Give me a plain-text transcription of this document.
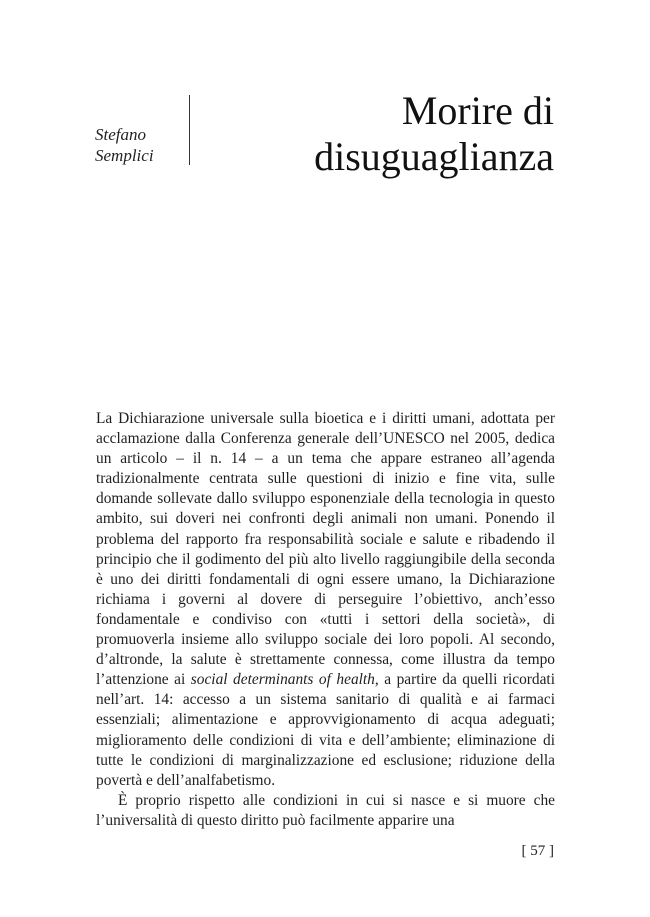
Stefano
Semplici
Morire di
disuguaglianza

La Dichiarazione universale sulla bioetica e i diritti umani, adottata per acclamazione dalla Conferenza generale dell’UNESCO nel 2005, dedica un articolo – il n. 14 – a un tema che appare estraneo all’agenda tradizionalmente centrata sulle questioni di inizio e fine vita, sulle domande sollevate dallo sviluppo esponenziale della tecnologia in questo ambito, sui doveri nei confronti degli animali non umani. Ponendo il problema del rapporto fra responsabilità sociale e salute e ribadendo il principio che il godimento del più alto livello raggiungibile della seconda è uno dei diritti fondamentali di ogni essere umano, la Dichiarazione richiama i governi al dovere di perseguire l’obiettivo, anch’esso fondamentale e condiviso con «tutti i settori della società», di promuoverla insieme allo sviluppo sociale dei loro popoli. Al secondo, d’altronde, la salute è strettamente connessa, come illustra da tempo l’attenzione ai social determinants of health, a partire da quelli ricordati nell’art. 14: accesso a un sistema sanitario di qualità e ai farmaci essenziali; alimentazione e approvvigionamento di acqua adeguati; miglioramento delle condizioni di vita e dell’ambiente; eliminazione di tutte le condizioni di marginalizzazione ed esclusione; riduzione della povertà e dell’analfabetismo.

È proprio rispetto alle condizioni in cui si nasce e si muore che l’universalità di questo diritto può facilmente apparire una

[ 57 ]
